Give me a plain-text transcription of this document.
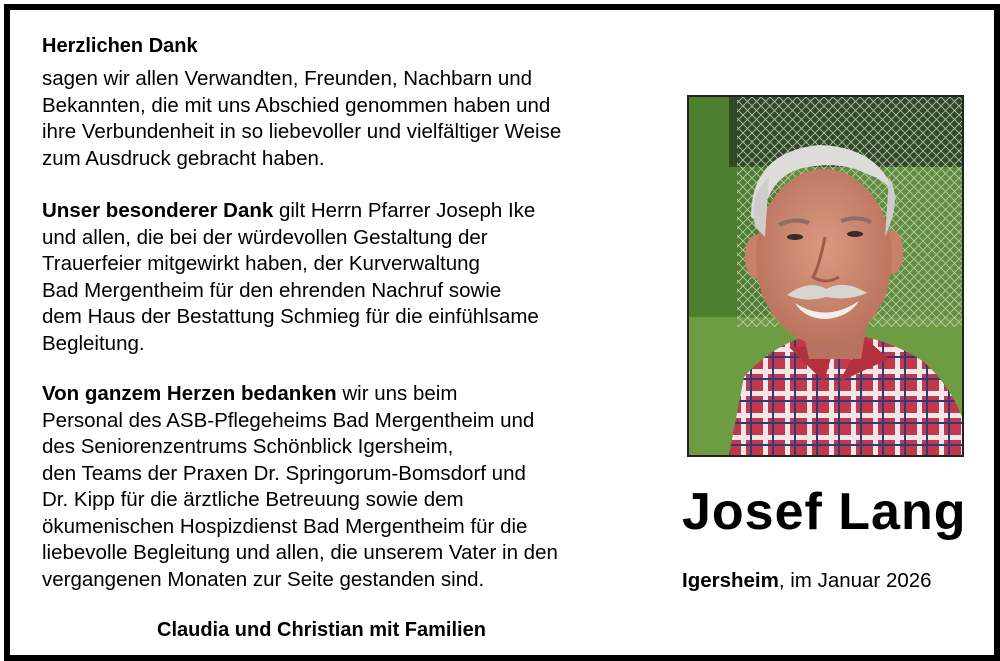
Herzlichen Dank
sagen wir allen Verwandten, Freunden, Nachbarn und
Bekannten, die mit uns Abschied genommen haben und
ihre Verbundenheit in so liebevoller und vielfältiger Weise
zum Ausdruck gebracht haben.
Unser besonderer Dank gilt Herrn Pfarrer Joseph Ike
und allen, die bei der würdevollen Gestaltung der
Trauerfeier mitgewirkt haben, der Kurverwaltung
Bad Mergentheim für den ehrenden Nachruf sowie
dem Haus der Bestattung Schmieg für die einfühlsame
Begleitung.
Von ganzem Herzen bedanken wir uns beim
Personal des ASB-Pflegeheims Bad Mergentheim und
des Seniorenzentrums Schönblick Igersheim,
den Teams der Praxen Dr. Springorum-Bomsdorf und
Dr. Kipp für die ärztliche Betreuung sowie dem
ökumenischen Hospizdienst Bad Mergentheim für die
liebevolle Begleitung und allen, die unserem Vater in den
vergangenen Monaten zur Seite gestanden sind.
Claudia und Christian mit Familien
Josef Lang
Igersheim, im Januar 2026
